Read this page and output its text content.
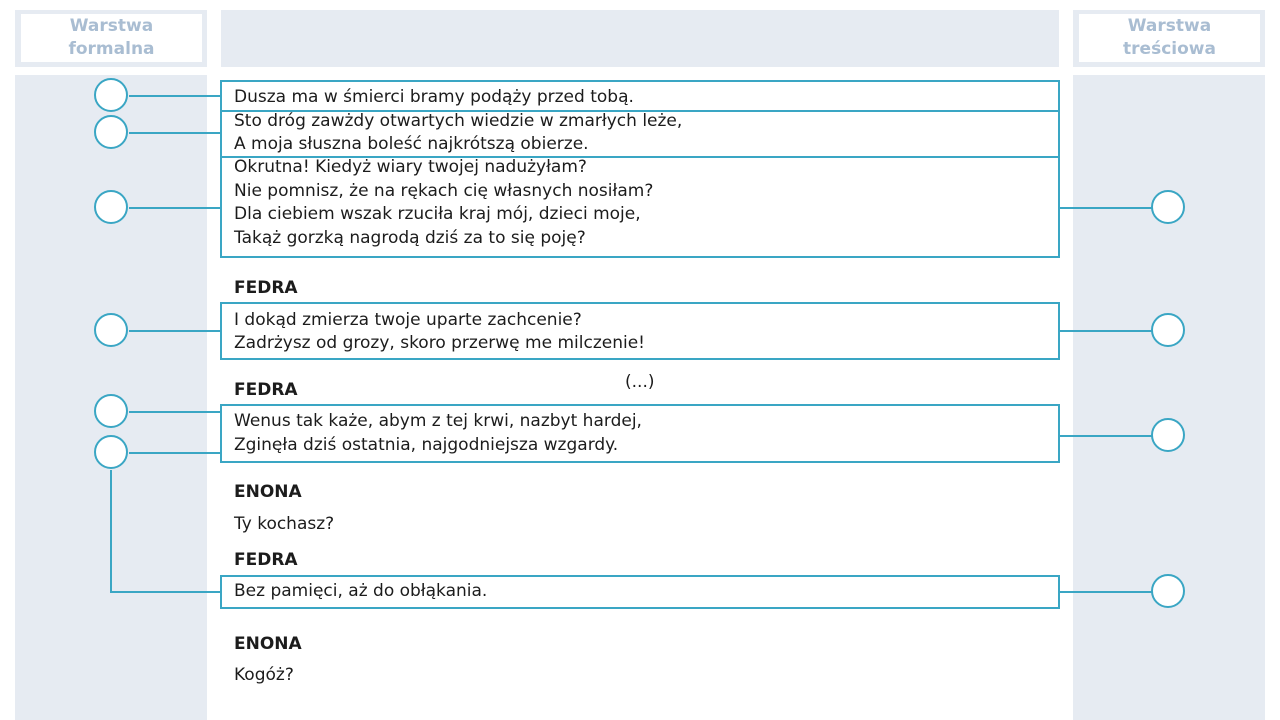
Warstwa
formalna
Warstwa
treściowa
Dusza ma w śmierci bramy podąży przed tobą.
Sto dróg zawżdy otwartych wiedzie w zmarłych leże,
A moja słuszna boleść najkrótszą obierze.
Okrutna! Kiedyż wiary twojej nadużyłam?
Nie pomnisz, że na rękach cię własnych nosiłam?
Dla ciebiem wszak rzuciła kraj mój, dzieci moje,
Takąż gorzką nagrodą dziś za to się poję?
FEDRA
I dokąd zmierza twoje uparte zachcenie?
Zadrżysz od grozy, skoro przerwę me milczenie!
FEDRA	(...)
Wenus tak każe, abym z tej krwi, nazbyt hardej,
Zginęła dziś ostatnia, najgodniejsza wzgardy.
ENONA
Ty kochasz?
FEDRA
Bez pamięci, aż do obłąkania.
ENONA
Kogóż?
